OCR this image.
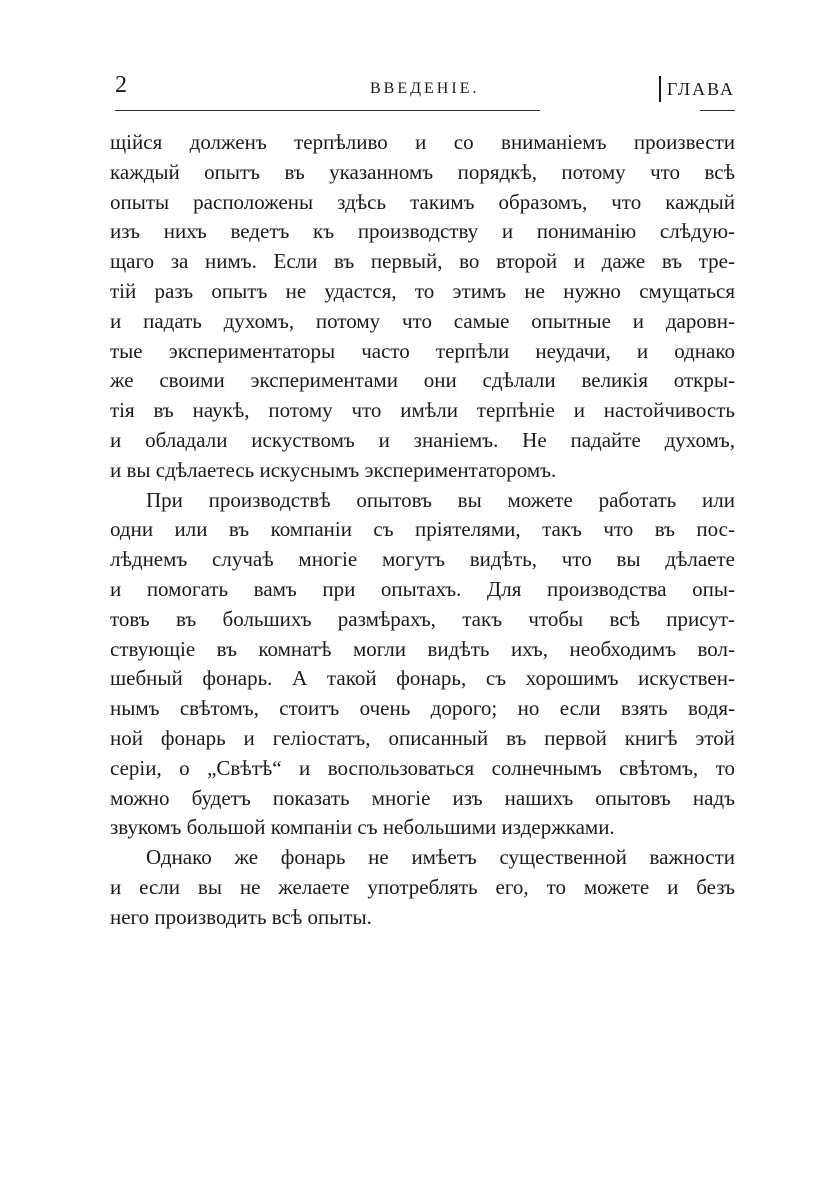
2	ВВЕДЕНІЕ.	ГЛАВА

щійся долженъ терпѣливо и со вниманіемъ произвести
каждый опытъ въ указанномъ порядкѣ, потому что всѣ
опыты расположены здѣсь такимъ образомъ, что каждый
изъ нихъ ведетъ къ производству и пониманію слѣдую-
щаго за нимъ. Если въ первый, во второй и даже въ тре-
тій разъ опытъ не удастся, то этимъ не нужно смущаться
и падать духомъ, потому что самые опытные и даровн-
тые экспериментаторы часто терпѣли неудачи, и однако
же своими экспериментами они сдѣлали великія откры-
тія въ наукѣ, потому что имѣли терпѣніе и настойчивость
и обладали искуствомъ и знаніемъ. Не падайте духомъ,
и вы сдѣлаетесь искуснымъ экспериментаторомъ.

При производствѣ опытовъ вы можете работать или
одни или въ компаніи съ пріятелями, такъ что въ пос-
лѣднемъ случаѣ многіе могутъ видѣть, что вы дѣлаете
и помогать вамъ при опытахъ. Для производства опы-
товъ въ большихъ размѣрахъ, такъ чтобы всѣ присут-
ствующіе въ комнатѣ могли видѣть ихъ, необходимъ вол-
шебный фонарь. А такой фонарь, съ хорошимъ искуствен-
нымъ свѣтомъ, стоитъ очень дорого; но если взять водя-
ной фонарь и геліостатъ, описанный въ первой книгѣ этой
серіи, о „Свѣтѣ“ и воспользоваться солнечнымъ свѣтомъ, то
можно будетъ показать многіе изъ нашихъ опытовъ надъ
звукомъ большой компаніи съ небольшими издержками.

Однако же фонарь не имѣетъ существенной важности
и если вы не желаете употреблять его, то можете и безъ
него производить всѣ опыты.
